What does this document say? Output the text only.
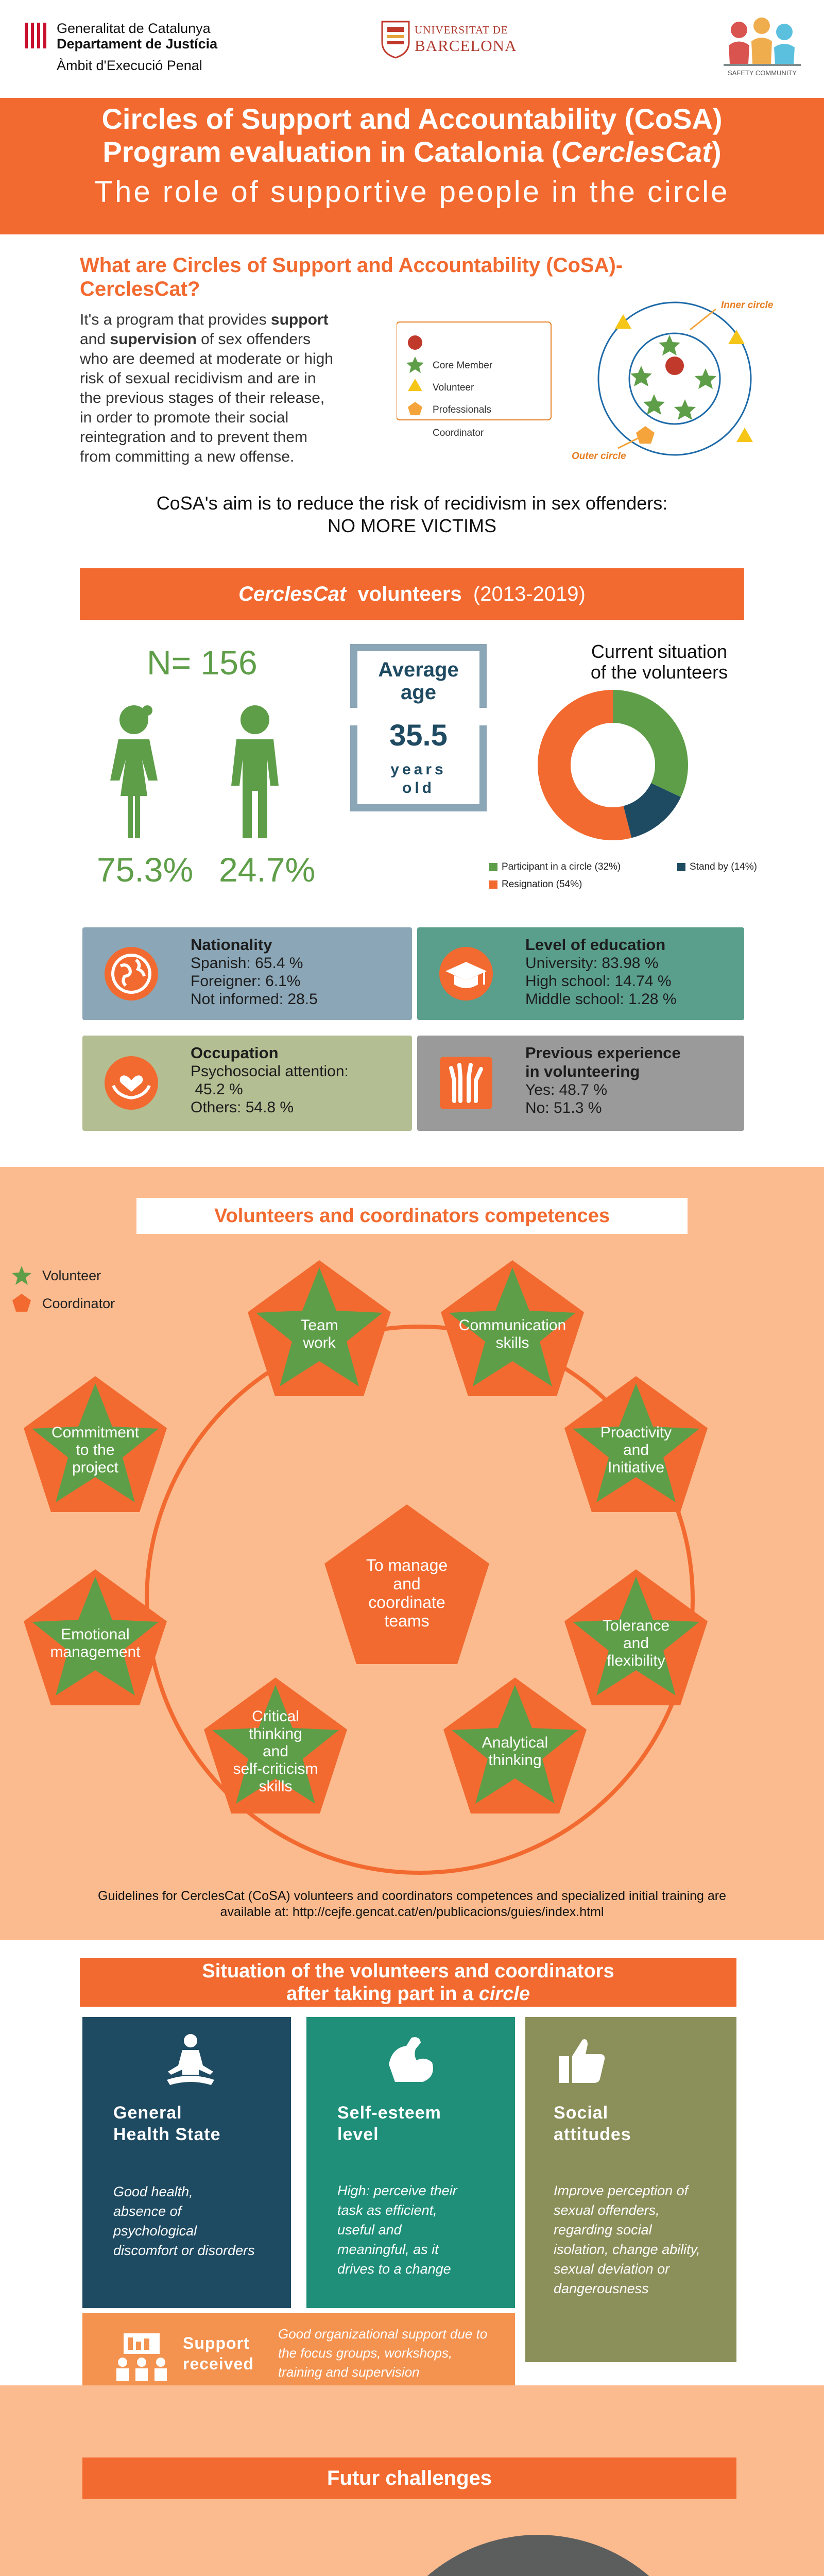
Generalitat de Catalunya
Departament de Justícia
Àmbit d'Execució Penal
UNIVERSITAT DE
BARCELONA
SAFETY COMMUNITY
Circles of Support and Accountability (CoSA)
Program evaluation in Catalonia (CerclesCat)
The role of supportive people in the circle
What are Circles of Support and Accountability (CoSA)-
CerclesCat?
It's a program that provides support
and supervision of sex offenders
who are deemed at moderate or high
risk of sexual recidivism and are in
the previous stages of their release,
in order to promote their social
reintegration and to prevent them
from committing a new offense.
Core Member
Volunteer
Professionals
Coordinator
Inner circle
Outer circle
CoSA's aim is to reduce the risk of recidivism in sex offenders:
NO MORE VICTIMS
CerclesCat volunteers (2013-2019)
N= 156
75.3% 24.7%
Average
age
35.5
years
old
Current situation
of the volunteers
Participant in a circle (32%)	Stand by (14%)
Resignation (54%)
Nationality
Spanish: 65.4 %
Foreigner: 6.1%
Not informed: 28.5
Level of education
University: 83.98 %
High school: 14.74 %
Middle school: 1.28 %
Occupation
Psychosocial attention:
45.2 %
Others: 54.8 %
Previous experience
in volunteering
Yes: 48.7 %
No: 51.3 %
Volunteers and coordinators competences
Volunteer
Coordinator
Team
work
Communication
skills
Proactivity
and
Initiative
Tolerance
and
flexibility
Analytical
thinking
Critical
thinking
and
self-criticism
skills
Emotional
management
Commitment
to the
project
To manage
and
coordinate
teams
Guidelines for CerclesCat (CoSA) volunteers and coordinators competences and specialized initial training are
available at: http://cejfe.gencat.cat/en/publicacions/guies/index.html
Situation of the volunteers and coordinators
after taking part in a circle
General
Health State
Good health,
absence of
psychological
discomfort or disorders
Self-esteem
level
High: perceive their
task as efficient,
useful and
meaningful, as it
drives to a change
Social
attitudes
Improve perception of
sexual offenders,
regarding social
isolation, change ability,
sexual deviation or
dangerousness
Support
received
Good organizational support due to
the focus groups, workshops,
training and supervision
Futur challenges
